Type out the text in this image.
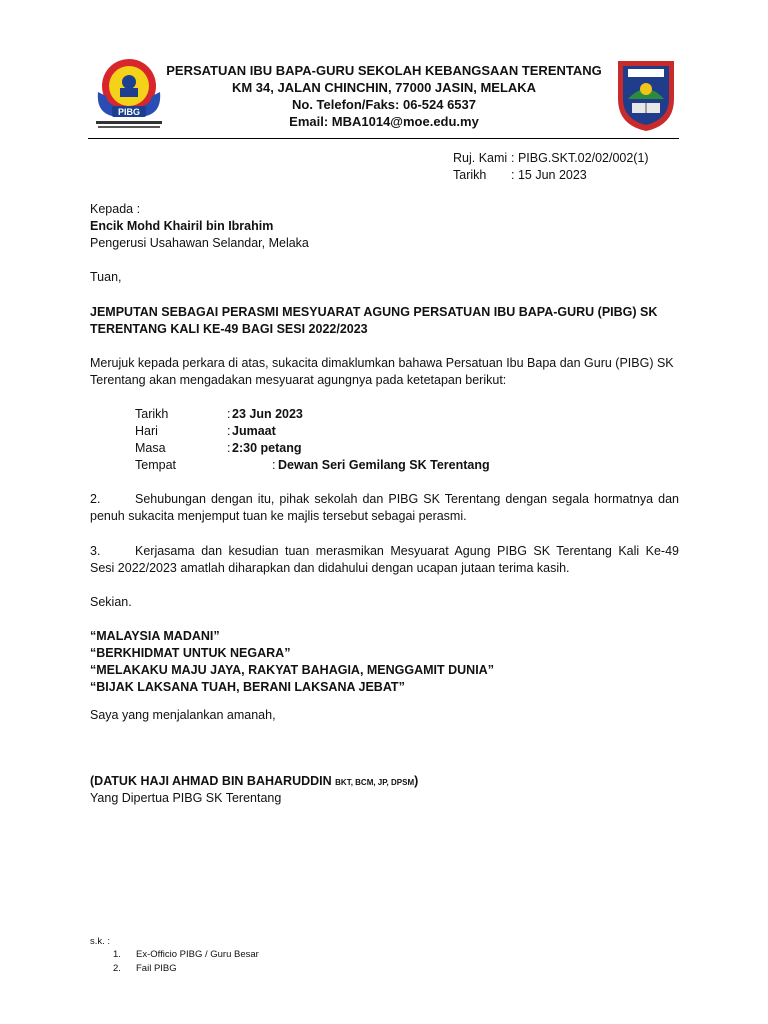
PIBG
PERSATUAN IBU BAPA-GURU SEKOLAH KEBANGSAAN TERENTANG
KM 34, JALAN CHINCHIN, 77000 JASIN, MELAKA
No. Telefon/Faks: 06-524 6537
Email: MBA1014@moe.edu.my
Ruj. Kami : PIBG.SKT.02/02/002(1)
Tarikh : 15 Jun 2023
Kepada :
Encik Mohd Khairil bin Ibrahim
Pengerusi Usahawan Selandar, Melaka
Tuan,
JEMPUTAN SEBAGAI PERASMI MESYUARAT AGUNG PERSATUAN IBU BAPA-GURU (PIBG) SK
TERENTANG KALI KE-49 BAGI SESI 2022/2023
Merujuk kepada perkara di atas, sukacita dimaklumkan bahawa Persatuan Ibu Bapa dan Guru (PIBG) SK
Terentang akan mengadakan mesyuarat agungnya pada ketetapan berikut:
Tarikh	: 23 Jun 2023
Hari	: Jumaat
Masa	: 2:30 petang
Tempat	: Dewan Seri Gemilang SK Terentang
2.	Sehubungan dengan itu, pihak sekolah dan PIBG SK Terentang dengan segala hormatnya dan
penuh sukacita menjemput tuan ke majlis tersebut sebagai perasmi.
3.	Kerjasama dan kesudian tuan merasmikan Mesyuarat Agung PIBG SK Terentang Kali Ke-49
Sesi 2022/2023 amatlah diharapkan dan didahului dengan ucapan jutaan terima kasih.
Sekian.
“MALAYSIA MADANI”
“BERKHIDMAT UNTUK NEGARA”
“MELAKAKU MAJU JAYA, RAKYAT BAHAGIA, MENGGAMIT DUNIA”
“BIJAK LAKSANA TUAH, BERANI LAKSANA JEBAT”
Saya yang menjalankan amanah,
(DATUK HAJI AHMAD BIN BAHARUDDIN BKT, BCM, JP, DPSM)
Yang Dipertua PIBG SK Terentang
s.k. :
1. Ex-Officio PIBG / Guru Besar
2. Fail PIBG
